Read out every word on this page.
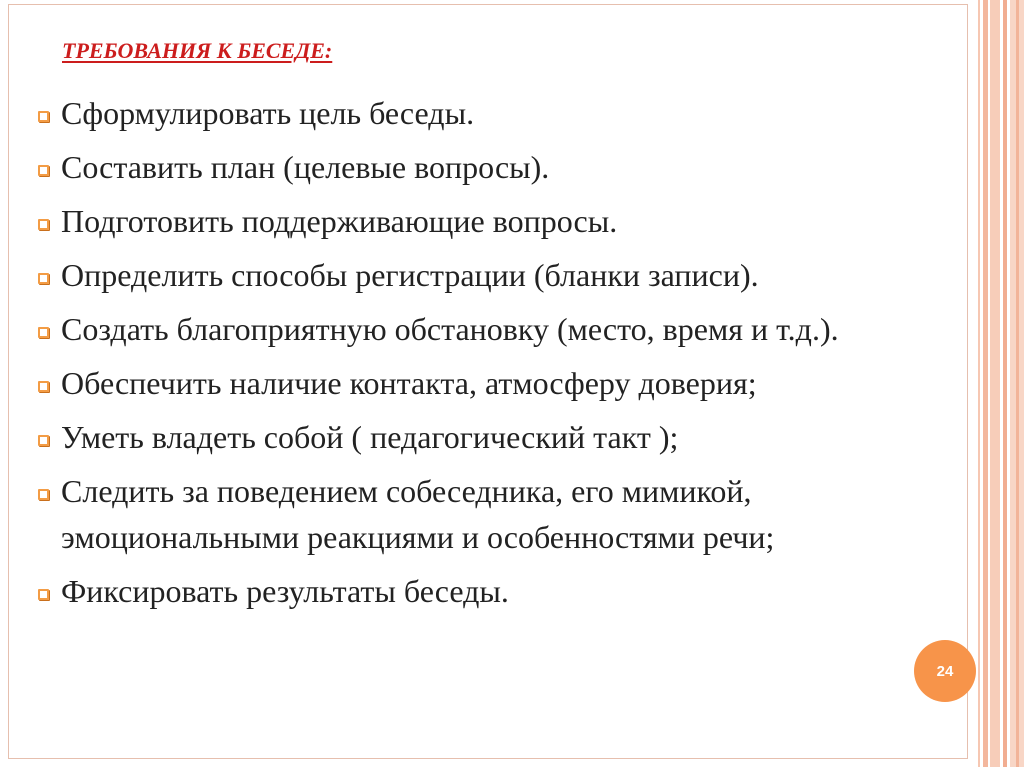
ТРЕБОВАНИЯ К БЕСЕДЕ:
Сформулировать цель беседы.
Составить план (целевые вопросы).
Подготовить поддерживающие вопросы.
Определить способы регистрации (бланки записи).
Создать благоприятную обстановку (место, время и т.д.).
Обеспечить наличие контакта, атмосферу доверия;
Уметь владеть собой ( педагогический такт );
Следить за поведением собеседника, его мимикой, эмоциональными реакциями и особенностями речи;
Фиксировать результаты беседы.
24
